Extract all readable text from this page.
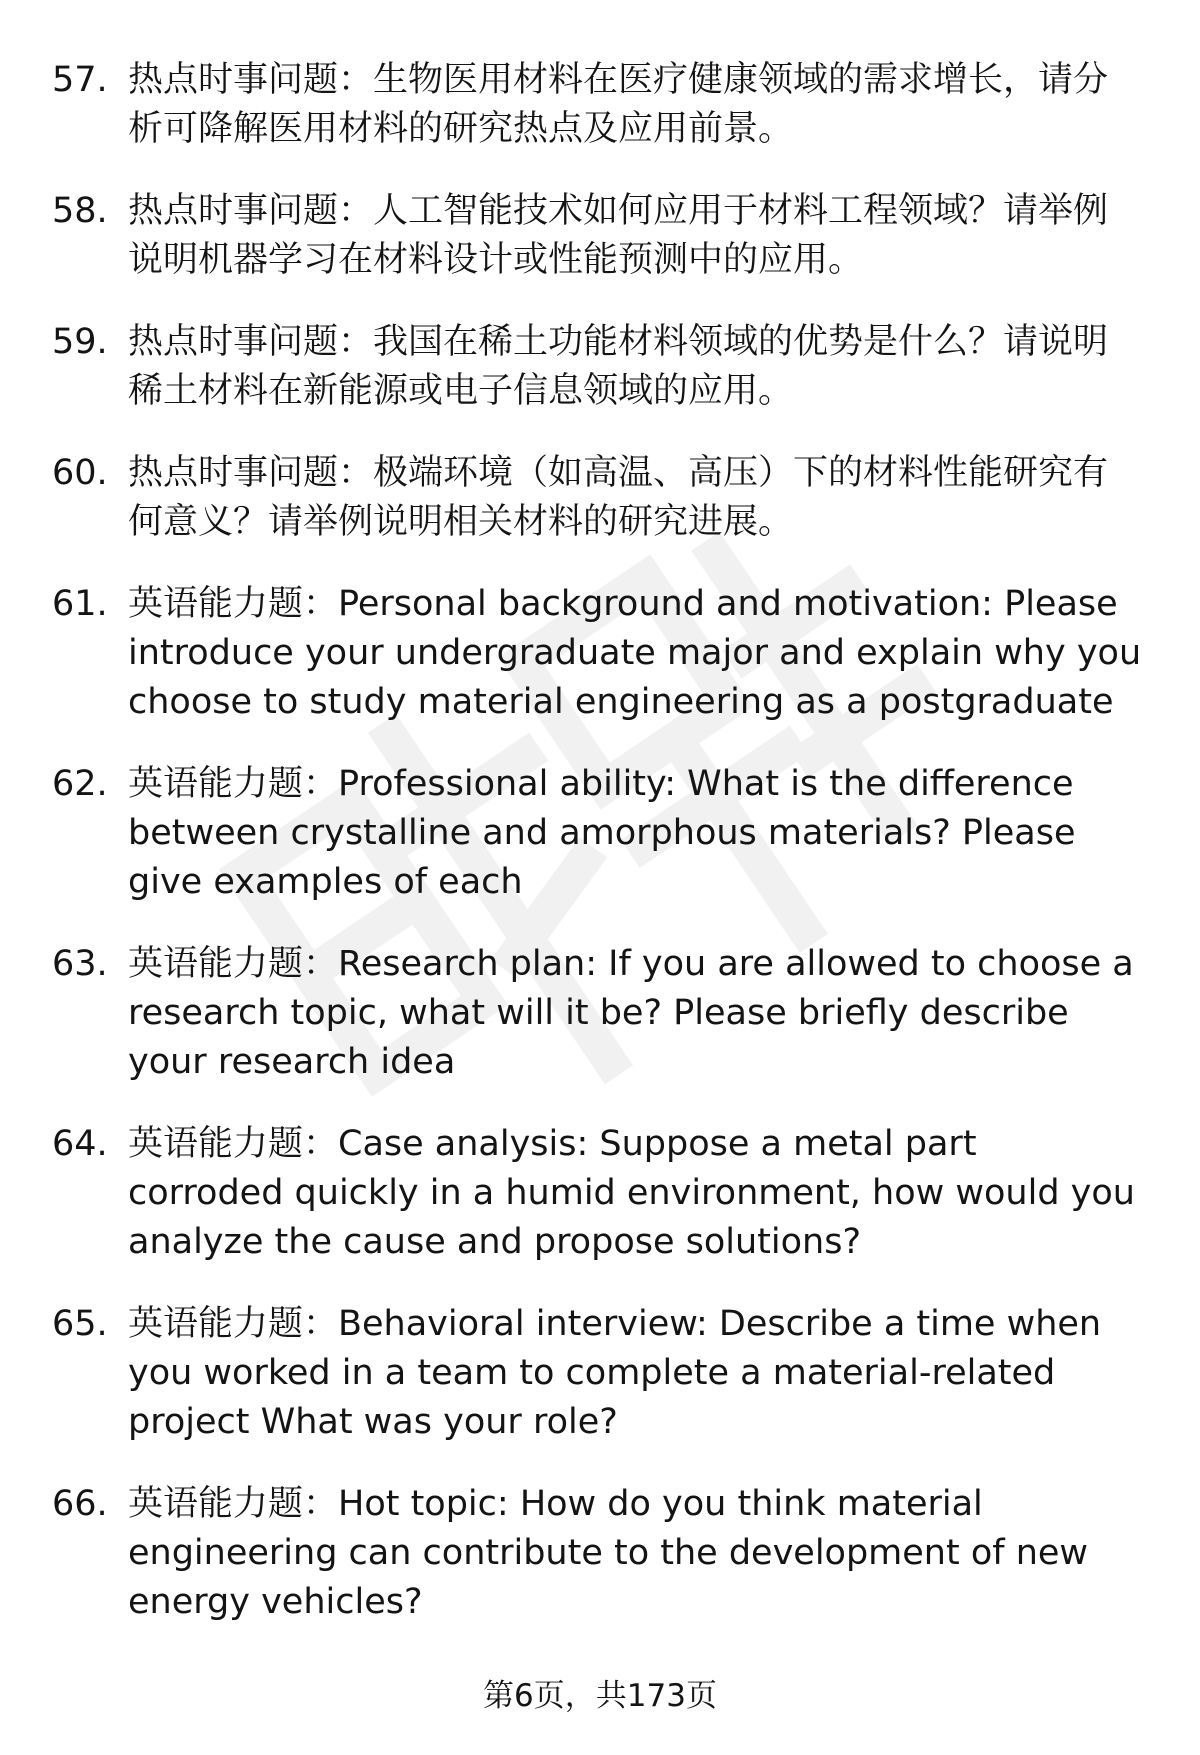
57. 热点时事问题：生物医用材料在医疗健康领域的需求增长，请分析可降解医用材料的研究热点及应用前景。
58. 热点时事问题：人工智能技术如何应用于材料工程领域？请举例说明机器学习在材料设计或性能预测中的应用。
59. 热点时事问题：我国在稀土功能材料领域的优势是什么？请说明稀土材料在新能源或电子信息领域的应用。
60. 热点时事问题：极端环境（如高温、高压）下的材料性能研究有何意义？请举例说明相关材料的研究进展。
61. 英语能力题：Personal background and motivation: Please introduce your undergraduate major and explain why you choose to study material engineering as a postgraduate
62. 英语能力题：Professional ability: What is the difference between crystalline and amorphous materials? Please give examples of each
63. 英语能力题：Research plan: If you are allowed to choose a research topic, what will it be? Please briefly describe your research idea
64. 英语能力题：Case analysis: Suppose a metal part corroded quickly in a humid environment, how would you analyze the cause and propose solutions?
65. 英语能力题：Behavioral interview: Describe a time when you worked in a team to complete a material-related project What was your role?
66. 英语能力题：Hot topic: How do you think material engineering can contribute to the development of new energy vehicles?
第6页，共173页
